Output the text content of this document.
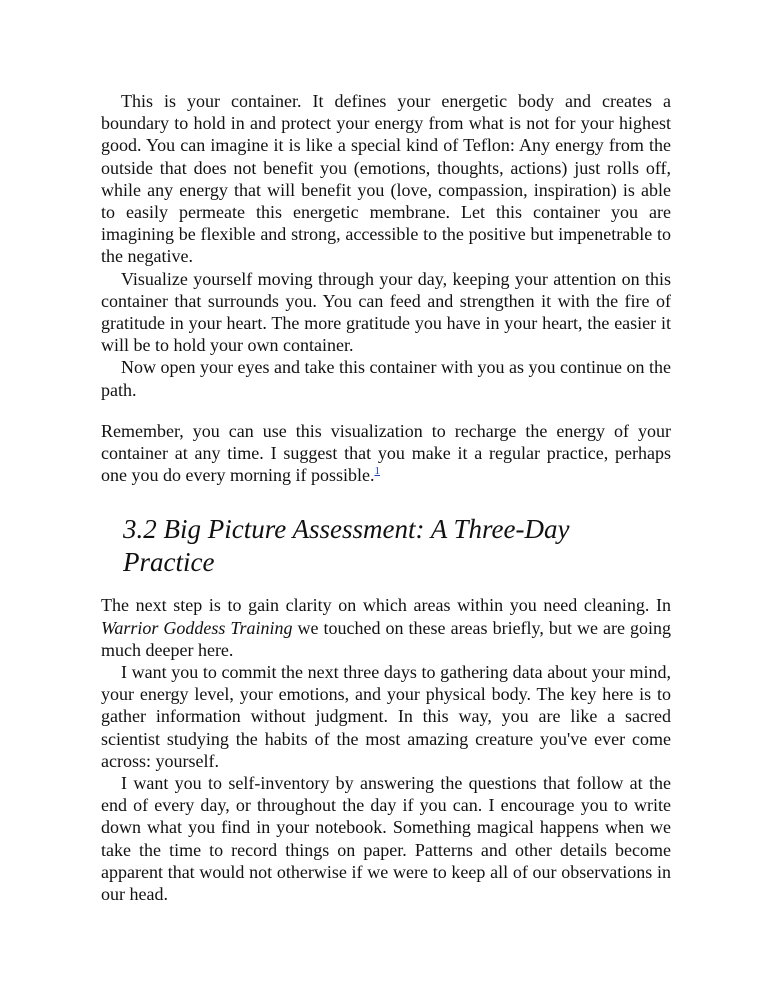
This is your container. It defines your energetic body and creates a boundary to hold in and protect your energy from what is not for your highest good. You can imagine it is like a special kind of Teflon: Any energy from the outside that does not benefit you (emotions, thoughts, actions) just rolls off, while any energy that will benefit you (love, compassion, inspiration) is able to easily permeate this energetic membrane. Let this container you are imagining be flexible and strong, accessible to the positive but impenetrable to the negative.

Visualize yourself moving through your day, keeping your attention on this container that surrounds you. You can feed and strengthen it with the fire of gratitude in your heart. The more gratitude you have in your heart, the easier it will be to hold your own container.

Now open your eyes and take this container with you as you continue on the path.

Remember, you can use this visualization to recharge the energy of your container at any time. I suggest that you make it a regular practice, perhaps one you do every morning if possible.$^1$

3.2 Big Picture Assessment: A Three-Day Practice

The next step is to gain clarity on which areas within you need cleaning. In Warrior Goddess Training we touched on these areas briefly, but we are going much deeper here.

I want you to commit the next three days to gathering data about your mind, your energy level, your emotions, and your physical body. The key here is to gather information without judgment. In this way, you are like a sacred scientist studying the habits of the most amazing creature you've ever come across: yourself.

I want you to self-inventory by answering the questions that follow at the end of every day, or throughout the day if you can. I encourage you to write down what you find in your notebook. Something magical happens when we take the time to record things on paper. Patterns and other details become apparent that would not otherwise if we were to keep all of our observations in our head.
